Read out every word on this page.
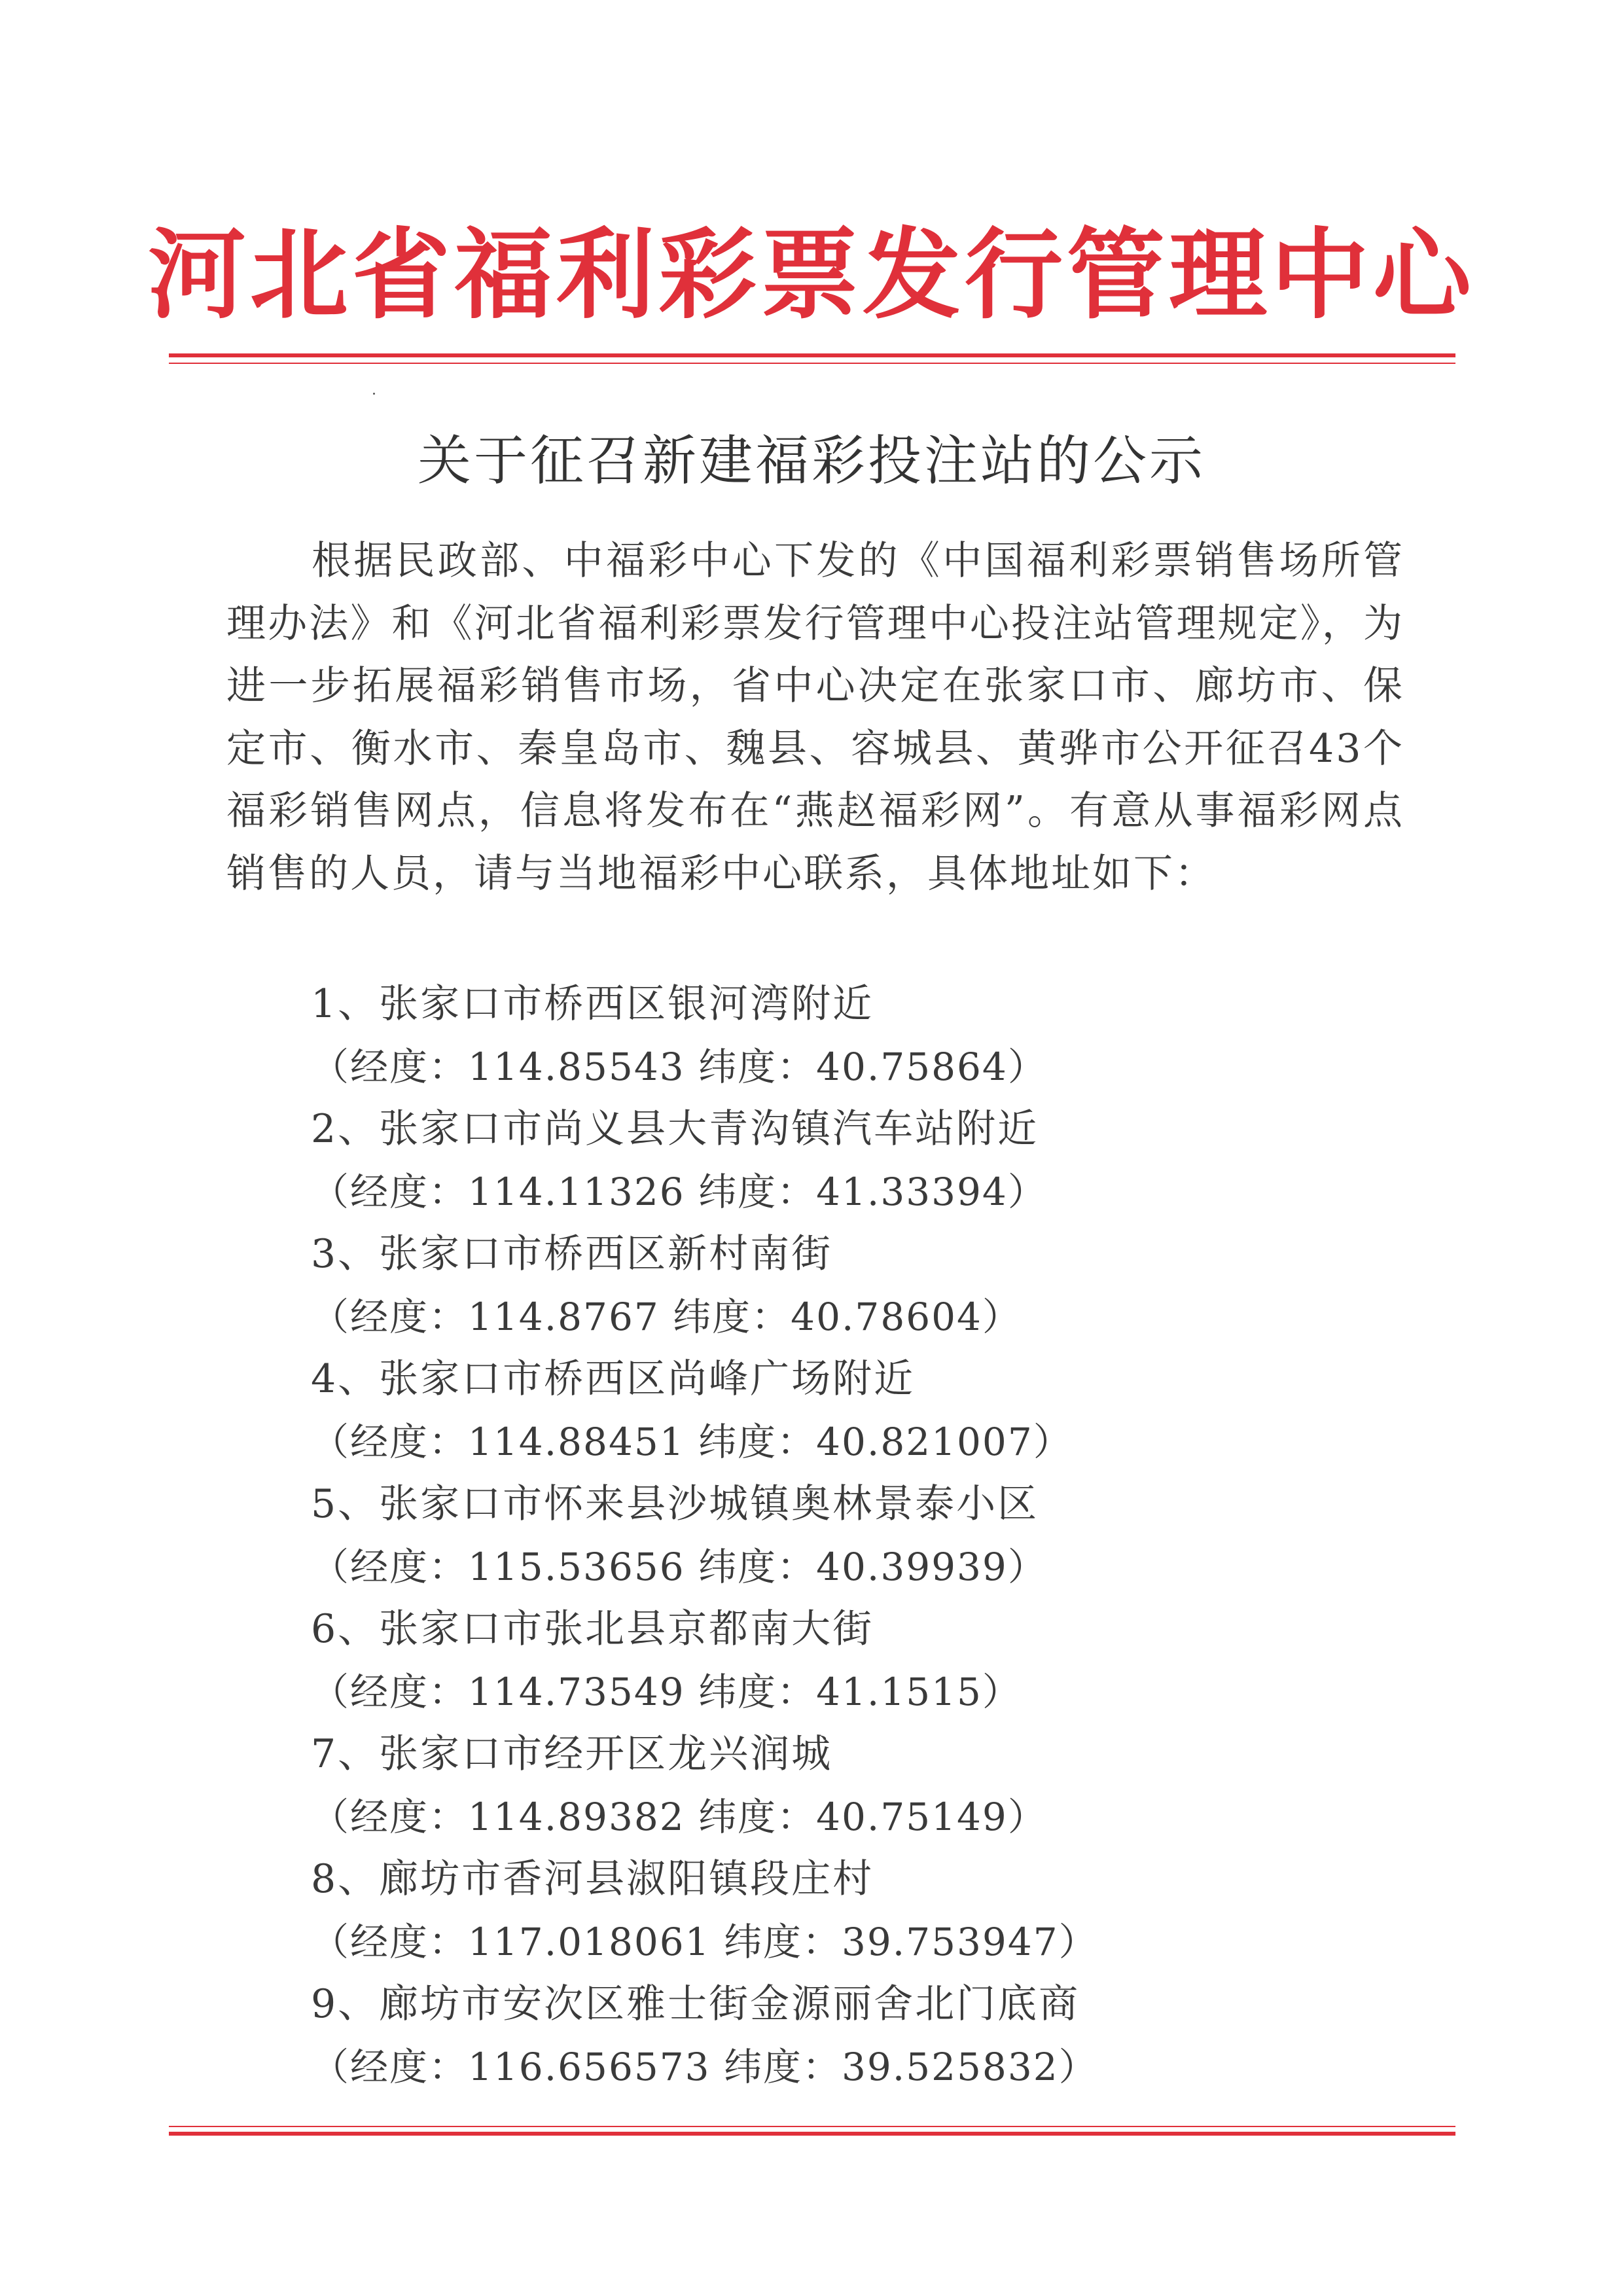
河北省福利彩票发行管理中心
关于征召新建福彩投注站的公示
根据民政部、中福彩中心下发的《中国福利彩票销售场所管理办法》和《河北省福利彩票发行管理中心投注站管理规定》，为进一步拓展福彩销售市场，省中心决定在张家口市、廊坊市、保定市、衡水市、秦皇岛市、魏县、容城县、黄骅市公开征召43个福彩销售网点，信息将发布在“燕赵福彩网”。有意从事福彩网点销售的人员，请与当地福彩中心联系，具体地址如下：
1、张家口市桥西区银河湾附近
（经度：114.85543 纬度：40.75864）
2、张家口市尚义县大青沟镇汽车站附近
（经度：114.11326 纬度：41.33394）
3、张家口市桥西区新村南街
（经度：114.8767 纬度：40.78604）
4、张家口市桥西区尚峰广场附近
（经度：114.88451 纬度：40.821007）
5、张家口市怀来县沙城镇奥林景泰小区
（经度：115.53656 纬度：40.39939）
6、张家口市张北县京都南大街
（经度：114.73549 纬度：41.1515）
7、张家口市经开区龙兴润城
（经度：114.89382 纬度：40.75149）
8、廊坊市香河县淑阳镇段庄村
（经度：117.018061 纬度：39.753947）
9、廊坊市安次区雅士街金源丽舍北门底商
（经度：116.656573 纬度：39.525832）
